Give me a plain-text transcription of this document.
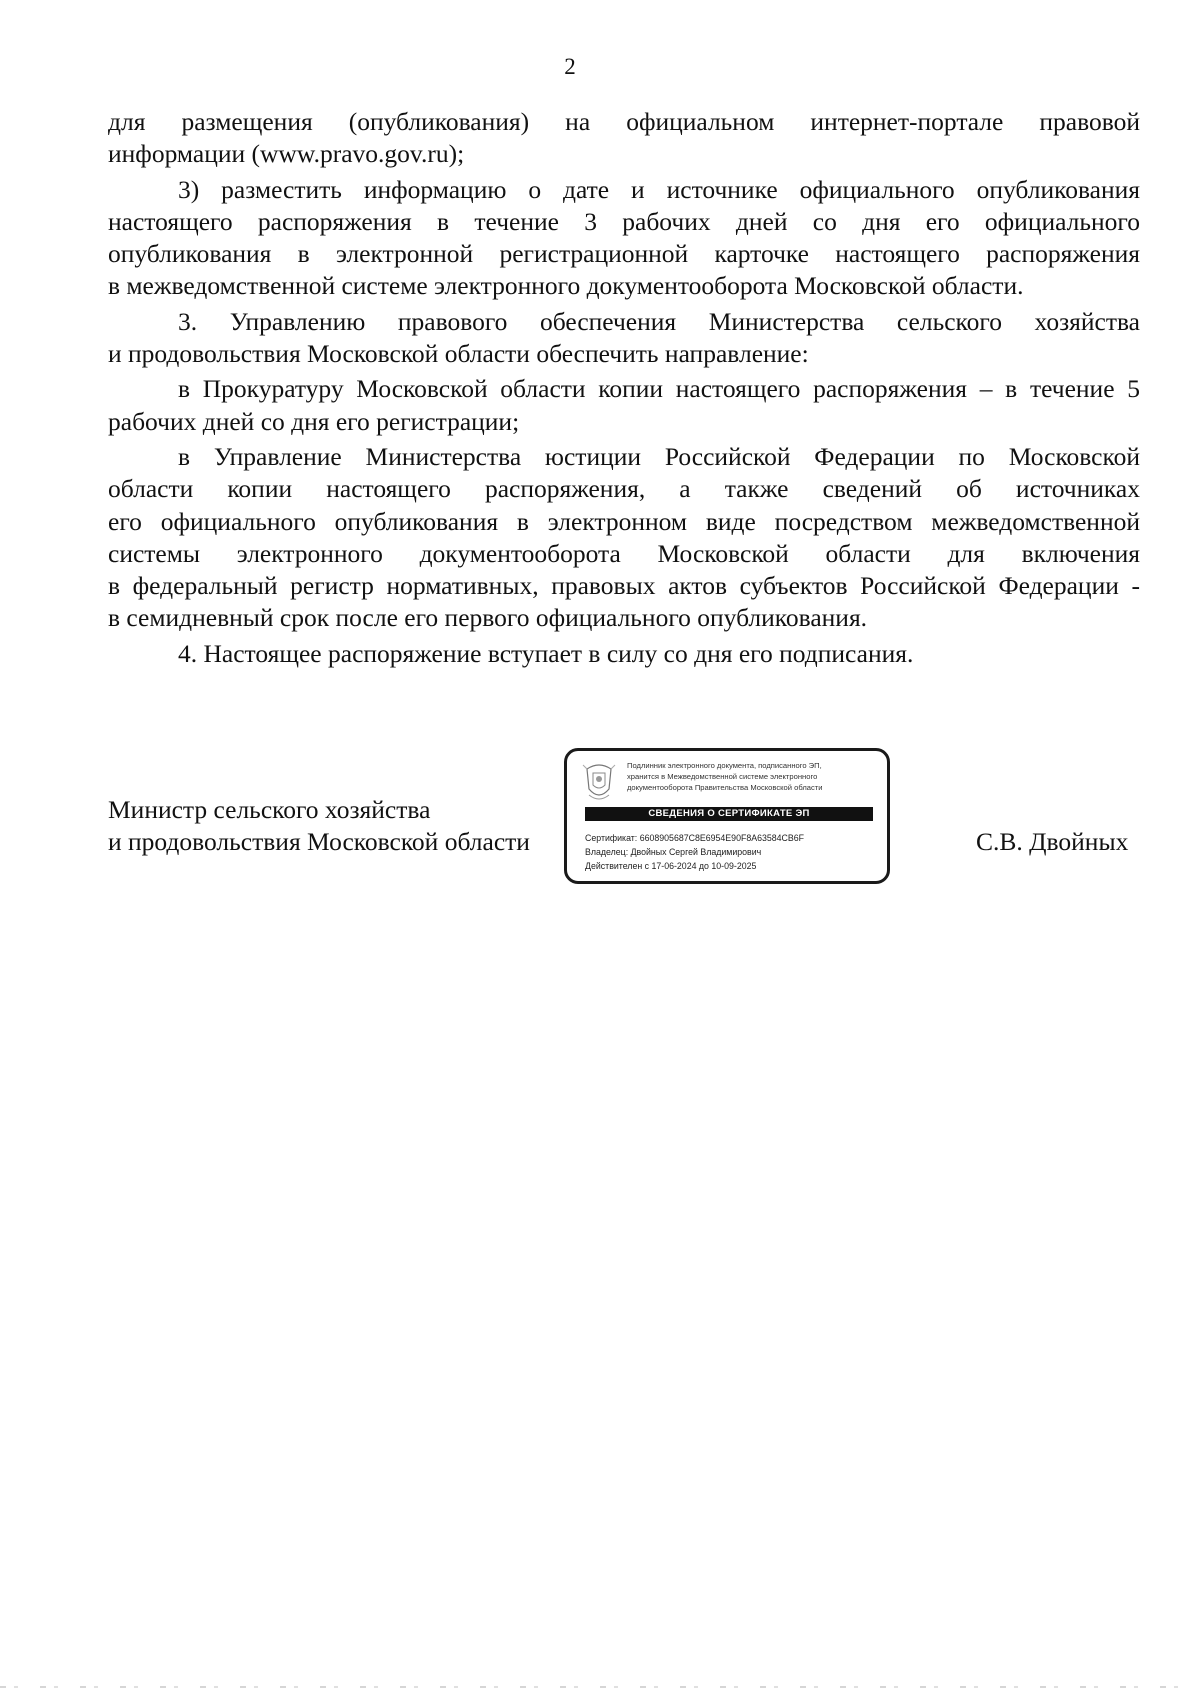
2
для размещения (опубликования) на официальном интернет-портале правовой
информации (www.pravo.gov.ru);
3) разместить информацию о дате и источнике официального опубликования
настоящего распоряжения в течение 3 рабочих дней со дня его официального
опубликования в электронной регистрационной карточке настоящего распоряжения
в межведомственной системе электронного документооборота Московской области.
3. Управлению правового обеспечения Министерства сельского хозяйства
и продовольствия Московской области обеспечить направление:
в Прокуратуру Московской области копии настоящего распоряжения – в течение 5
рабочих дней со дня его регистрации;
в Управление Министерства юстиции Российской Федерации по Московской
области копии настоящего распоряжения, а также сведений об источниках
его официального опубликования в электронном виде посредством межведомственной
системы электронного документооборота Московской области для включения
в федеральный регистр нормативных, правовых актов субъектов Российской Федерации -
в семидневный срок после его первого официального опубликования.
4. Настоящее распоряжение вступает в силу со дня его подписания.
Министр сельского хозяйства
и продовольствия Московской области	С.В. Двойных
Подлинник электронного документа, подписанного ЭП,
хранится в Межведомственной системе электронного
документооборота Правительства Московской области
СВЕДЕНИЯ О СЕРТИФИКАТЕ ЭП
Сертификат: 6608905687C8E6954E90F8A63584CB6F
Владелец: Двойных Сергей Владимирович
Действителен с 17-06-2024 до 10-09-2025
